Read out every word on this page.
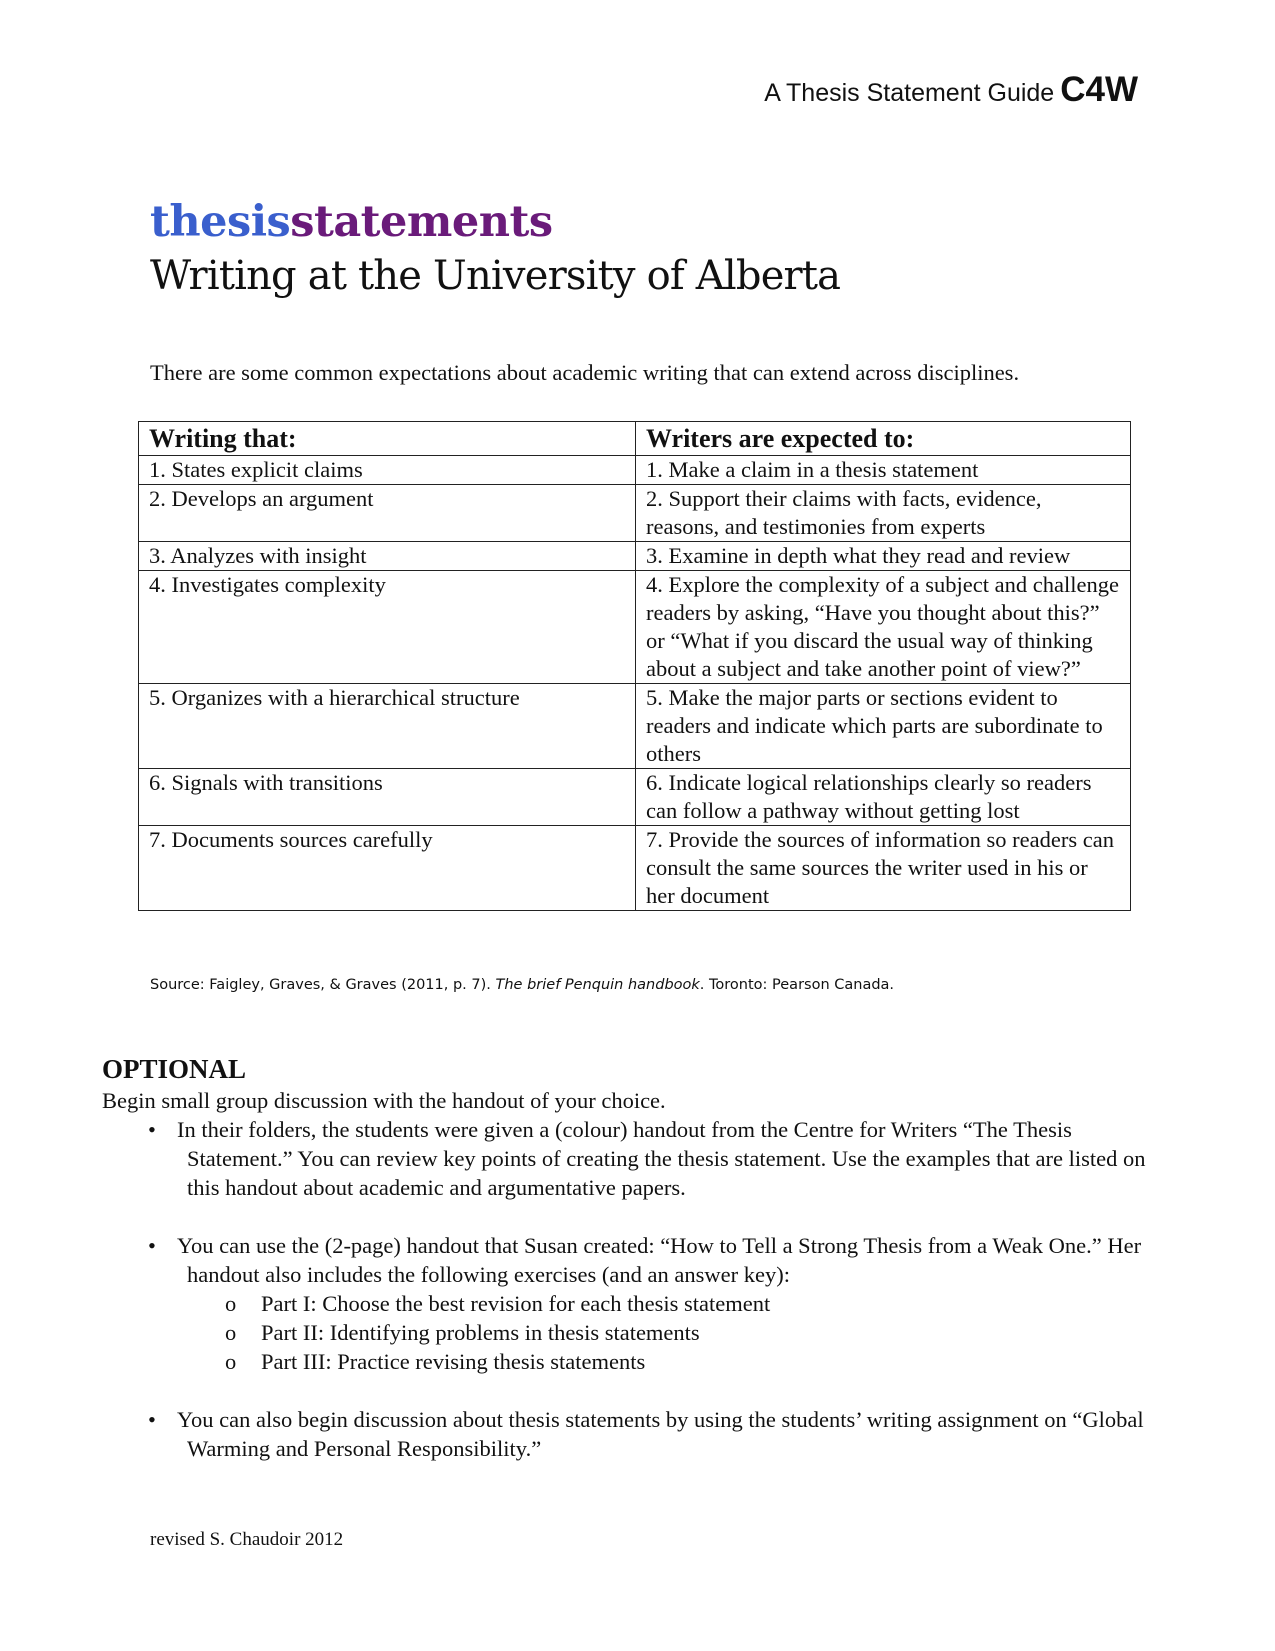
A Thesis Statement Guide C4W
thesisstatements
Writing at the University of Alberta
There are some common expectations about academic writing that can extend across disciplines.
Writing that:	Writers are expected to:
1. States explicit claims	1. Make a claim in a thesis statement
2. Develops an argument	2. Support their claims with facts, evidence, reasons, and testimonies from experts
3. Analyzes with insight	3. Examine in depth what they read and review
4. Investigates complexity	4. Explore the complexity of a subject and challenge readers by asking, “Have you thought about this?” or “What if you discard the usual way of thinking about a subject and take another point of view?”
5. Organizes with a hierarchical structure	5. Make the major parts or sections evident to readers and indicate which parts are subordinate to others
6. Signals with transitions	6. Indicate logical relationships clearly so readers can follow a pathway without getting lost
7. Documents sources carefully	7. Provide the sources of information so readers can consult the same sources the writer used in his or her document
Source: Faigley, Graves, & Graves (2011, p. 7). The brief Penquin handbook. Toronto: Pearson Canada.
OPTIONAL

Begin small group discussion with the handout of your choice.

• In their folders, the students were given a (colour) handout from the Centre for Writers “The Thesis Statement.” You can review key points of creating the thesis statement. Use the examples that are listed on this handout about academic and argumentative papers.

• You can use the (2-page) handout that Susan created: “How to Tell a Strong Thesis from a Weak One.” Her handout also includes the following exercises (and an answer key):

o Part I: Choose the best revision for each thesis statement

o Part II: Identifying problems in thesis statements

o Part III: Practice revising thesis statements

• You can also begin discussion about thesis statements by using the students’ writing assignment on “Global Warming and Personal Responsibility.”

revised S. Chaudoir 2012
